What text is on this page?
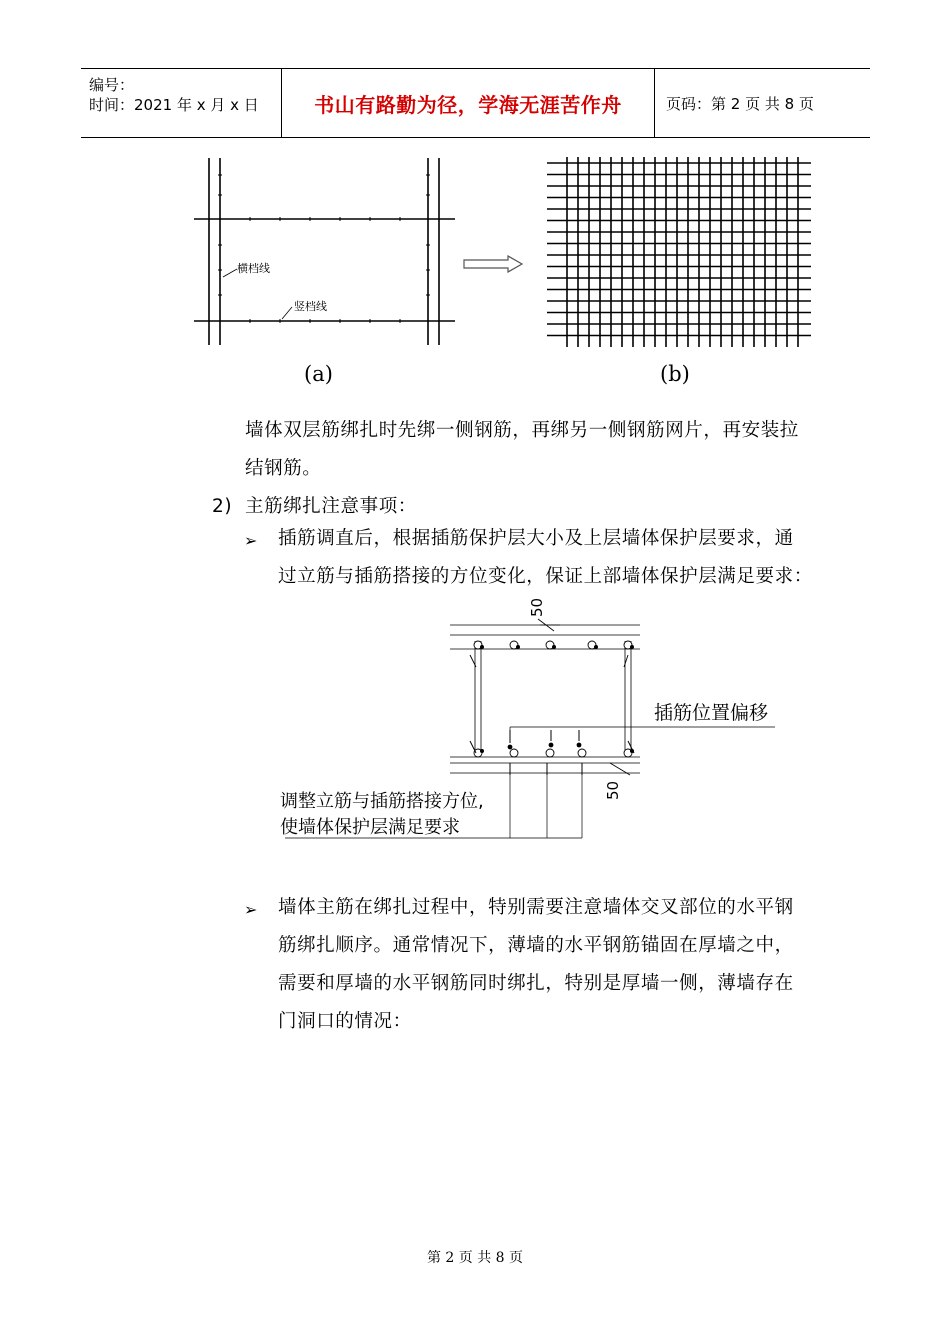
编号：
时间：2021 年 x 月 x 日	书山有路勤为径，学海无涯苦作舟	页码：第 2 页 共 8 页
横档线
竖档线
(a)	(b)
墙体双层筋绑扎时先绑一侧钢筋，再绑另一侧钢筋网片，再安装拉
结钢筋。
2) 主筋绑扎注意事项：
➢ 插筋调直后，根据插筋保护层大小及上层墙体保护层要求，通
过立筋与插筋搭接的方位变化，保证上部墙体保护层满足要求：
50
50
插筋位置偏移
调整立筋与插筋搭接方位,
使墙体保护层满足要求
➢ 墙体主筋在绑扎过程中，特别需要注意墙体交叉部位的水平钢
筋绑扎顺序。通常情况下，薄墙的水平钢筋锚固在厚墙之中，
需要和厚墙的水平钢筋同时绑扎，特别是厚墙一侧，薄墙存在
门洞口的情况：
第 2 页 共 8 页
